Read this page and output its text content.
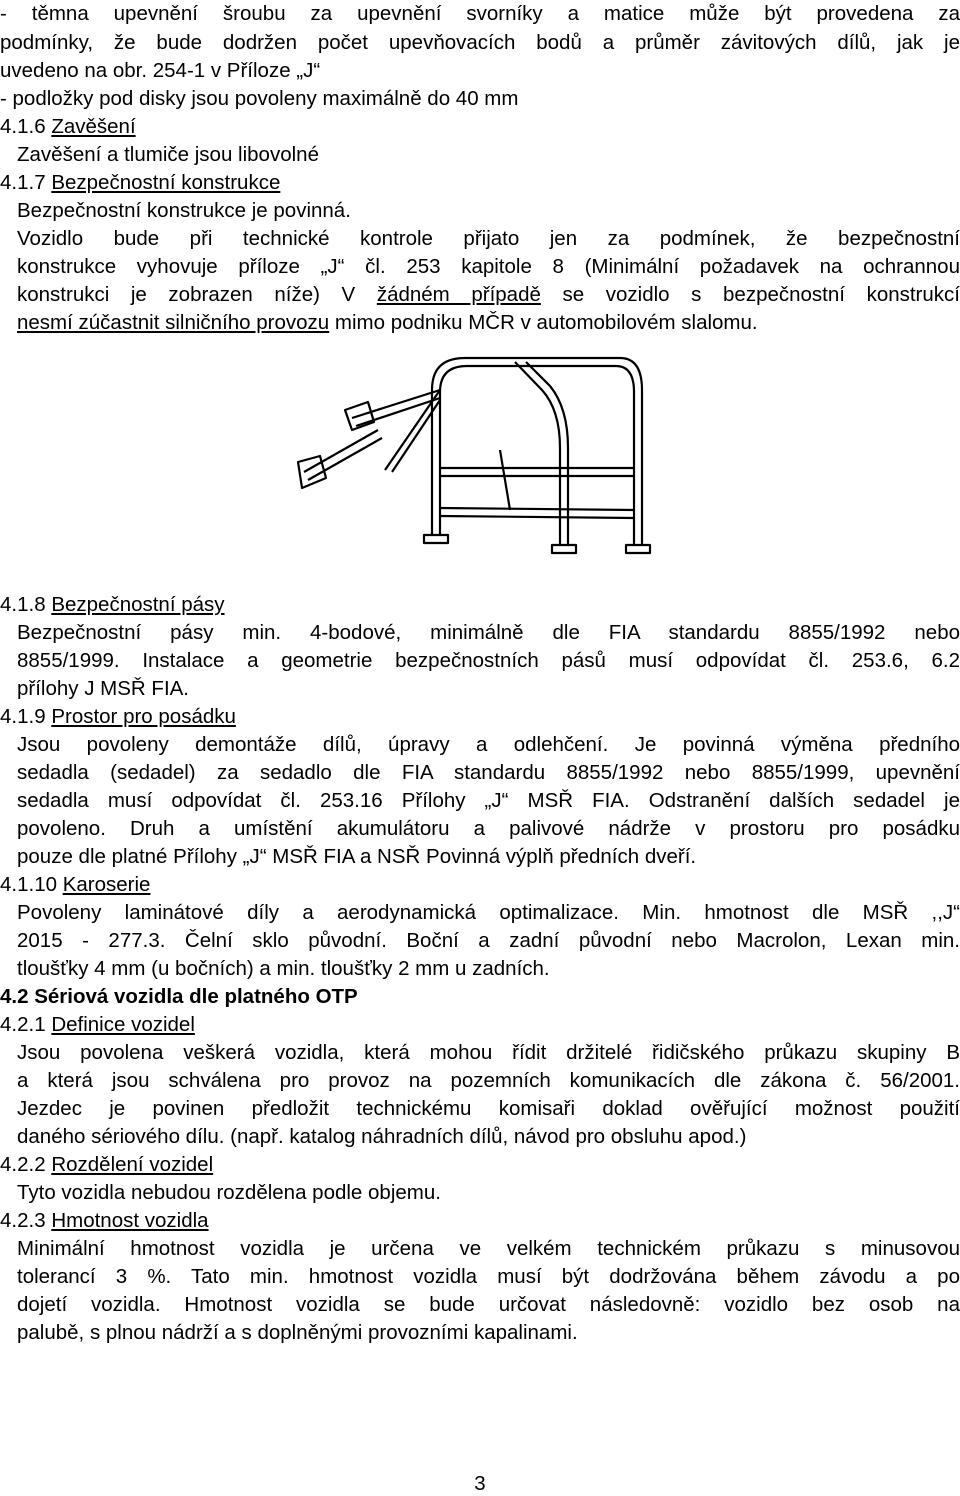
- těmna upevnění šroubu za upevnění svorníky a matice může být provedena za
podmínky, že bude dodržen počet upevňovacích bodů a průměr závitových dílů, jak je
uvedeno na obr. 254-1 v Příloze „J“
- podložky pod disky jsou povoleny maximálně do 40 mm
4.1.6 Zavěšení
Zavěšení a tlumiče jsou libovolné
4.1.7 Bezpečnostní konstrukce
Bezpečnostní konstrukce je povinná.
Vozidlo bude při technické kontrole přijato jen za podmínek, že bezpečnostní
konstrukce vyhovuje příloze „J“ čl. 253 kapitole 8 (Minimální požadavek na ochrannou
konstrukci je zobrazen níže) V žádném případě se vozidlo s bezpečnostní konstrukcí
nesmí zúčastnit silničního provozu mimo podniku MČR v automobilovém slalomu.
4.1.8 Bezpečnostní pásy
Bezpečnostní pásy min. 4-bodové, minimálně dle FIA standardu 8855/1992 nebo
8855/1999. Instalace a geometrie bezpečnostních pásů musí odpovídat čl. 253.6, 6.2
přílohy J MSŘ FIA.
4.1.9 Prostor pro posádku
Jsou povoleny demontáže dílů, úpravy a odlehčení. Je povinná výměna předního
sedadla (sedadel) za sedadlo dle FIA standardu 8855/1992 nebo 8855/1999, upevnění
sedadla musí odpovídat čl. 253.16 Přílohy „J“ MSŘ FIA. Odstranění dalších sedadel je
povoleno. Druh a umístění akumulátoru a palivové nádrže v prostoru pro posádku
pouze dle platné Přílohy „J“ MSŘ FIA a NSŘ Povinná výplň předních dveří.
4.1.10 Karoserie
Povoleny laminátové díly a aerodynamická optimalizace. Min. hmotnost dle MSŘ ,,J“
2015 - 277.3. Čelní sklo původní. Boční a zadní původní nebo Macrolon, Lexan min.
tloušťky 4 mm (u bočních) a min. tloušťky 2 mm u zadních.
4.2 Sériová vozidla dle platného OTP
4.2.1 Definice vozidel
Jsou povolena veškerá vozidla, která mohou řídit držitelé řidičského průkazu skupiny B
a která jsou schválena pro provoz na pozemních komunikacích dle zákona č. 56/2001.
Jezdec je povinen předložit technickému komisaři doklad ověřující možnost použití
daného sériového dílu. (např. katalog náhradních dílů, návod pro obsluhu apod.)
4.2.2 Rozdělení vozidel
Tyto vozidla nebudou rozdělena podle objemu.
4.2.3 Hmotnost vozidla
Minimální hmotnost vozidla je určena ve velkém technickém průkazu s minusovou
tolerancí 3 %. Tato min. hmotnost vozidla musí být dodržována během závodu a po
dojetí vozidla. Hmotnost vozidla se bude určovat následovně: vozidlo bez osob na
palubě, s plnou nádrží a s doplněnými provozními kapalinami.
3
